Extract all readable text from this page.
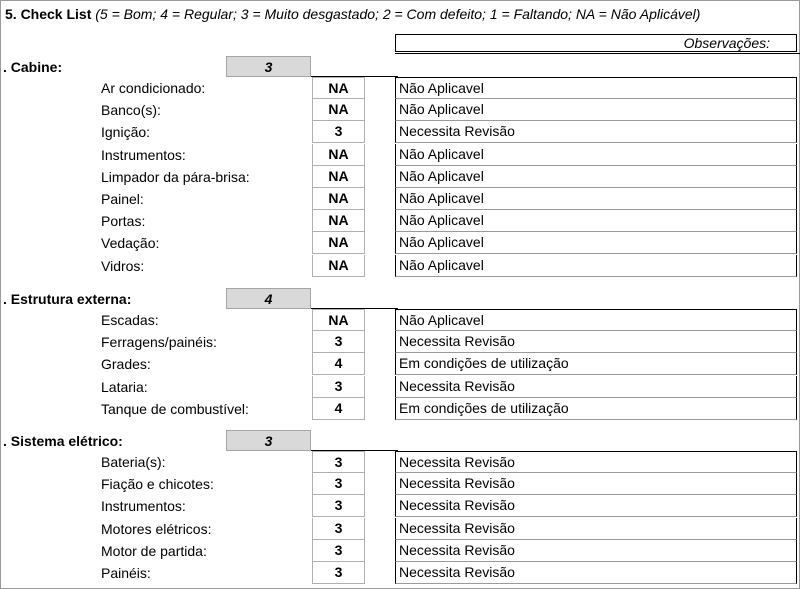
5. Check List (5 = Bom; 4 = Regular; 3 = Muito desgastado; 2 = Com defeito; 1 = Faltando; NA = Não Aplicável)
Observações:
. Cabine:	3
Ar condicionado:	NA	Não Aplicavel
Banco(s):	NA	Não Aplicavel
Ignição:	3	Necessita Revisão
Instrumentos:	NA	Não Aplicavel
Limpador da pára-brisa:	NA	Não Aplicavel
Painel:	NA	Não Aplicavel
Portas:	NA	Não Aplicavel
Vedação:	NA	Não Aplicavel
Vidros:	NA	Não Aplicavel
. Estrutura externa:	4
Escadas:	NA	Não Aplicavel
Ferragens/painéis:	3	Necessita Revisão
Grades:	4	Em condições de utilização
Lataria:	3	Necessita Revisão
Tanque de combustível:	4	Em condições de utilização
. Sistema elétrico:	3
Bateria(s):	3	Necessita Revisão
Fiação e chicotes:	3	Necessita Revisão
Instrumentos:	3	Necessita Revisão
Motores elétricos:	3	Necessita Revisão
Motor de partida:	3	Necessita Revisão
Painéis:	3	Necessita Revisão
